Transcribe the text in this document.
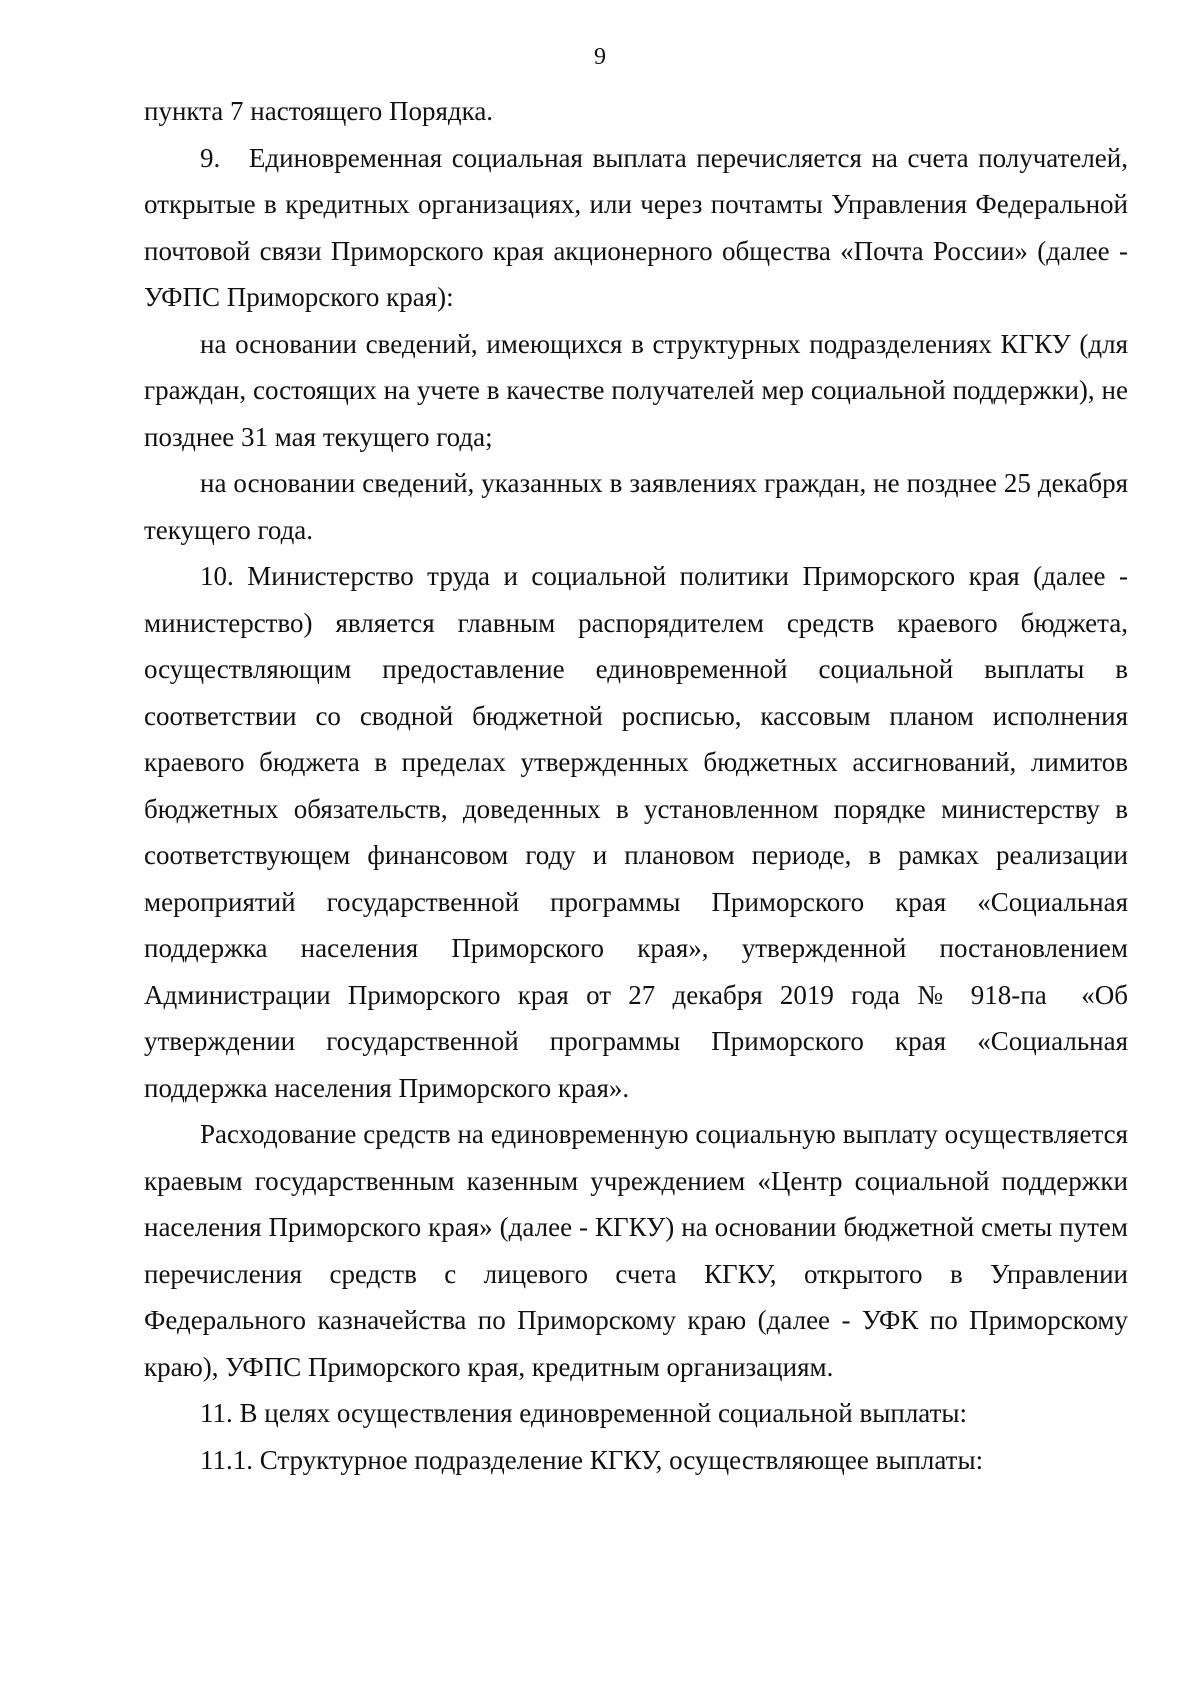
9

пункта 7 настоящего Порядка.

9.   Единовременная социальная выплата перечисляется на счета получателей, открытые в кредитных организациях, или через почтамты Управления Федеральной почтовой связи Приморского края акционерного общества «Почта России» (далее - УФПС Приморского края):

на основании сведений, имеющихся в структурных подразделениях КГКУ (для граждан, состоящих на учете в качестве получателей мер социальной поддержки), не позднее 31 мая текущего года;

на основании сведений, указанных в заявлениях граждан, не позднее 25 декабря текущего года.

10. Министерство труда и социальной политики Приморского края (далее - министерство) является главным распорядителем средств краевого бюджета, осуществляющим предоставление единовременной социальной выплаты в соответствии со сводной бюджетной росписью, кассовым планом исполнения краевого бюджета в пределах утвержденных бюджетных ассигнований, лимитов бюджетных обязательств, доведенных в установленном порядке министерству в соответствующем финансовом году и плановом периоде, в рамках реализации мероприятий государственной программы Приморского края «Социальная поддержка населения Приморского края», утвержденной постановлением Администрации Приморского края от 27 декабря 2019 года № 918-па  «Об утверждении государственной программы Приморского края «Социальная поддержка населения Приморского края».

Расходование средств на единовременную социальную выплату осуществляется краевым государственным казенным учреждением «Центр социальной поддержки населения Приморского края» (далее - КГКУ) на основании бюджетной сметы путем перечисления средств с лицевого счета КГКУ, открытого в Управлении Федерального казначейства по Приморскому краю (далее - УФК по Приморскому краю), УФПС Приморского края, кредитным организациям.

11. В целях осуществления единовременной социальной выплаты:

11.1. Структурное подразделение КГКУ, осуществляющее выплаты:
